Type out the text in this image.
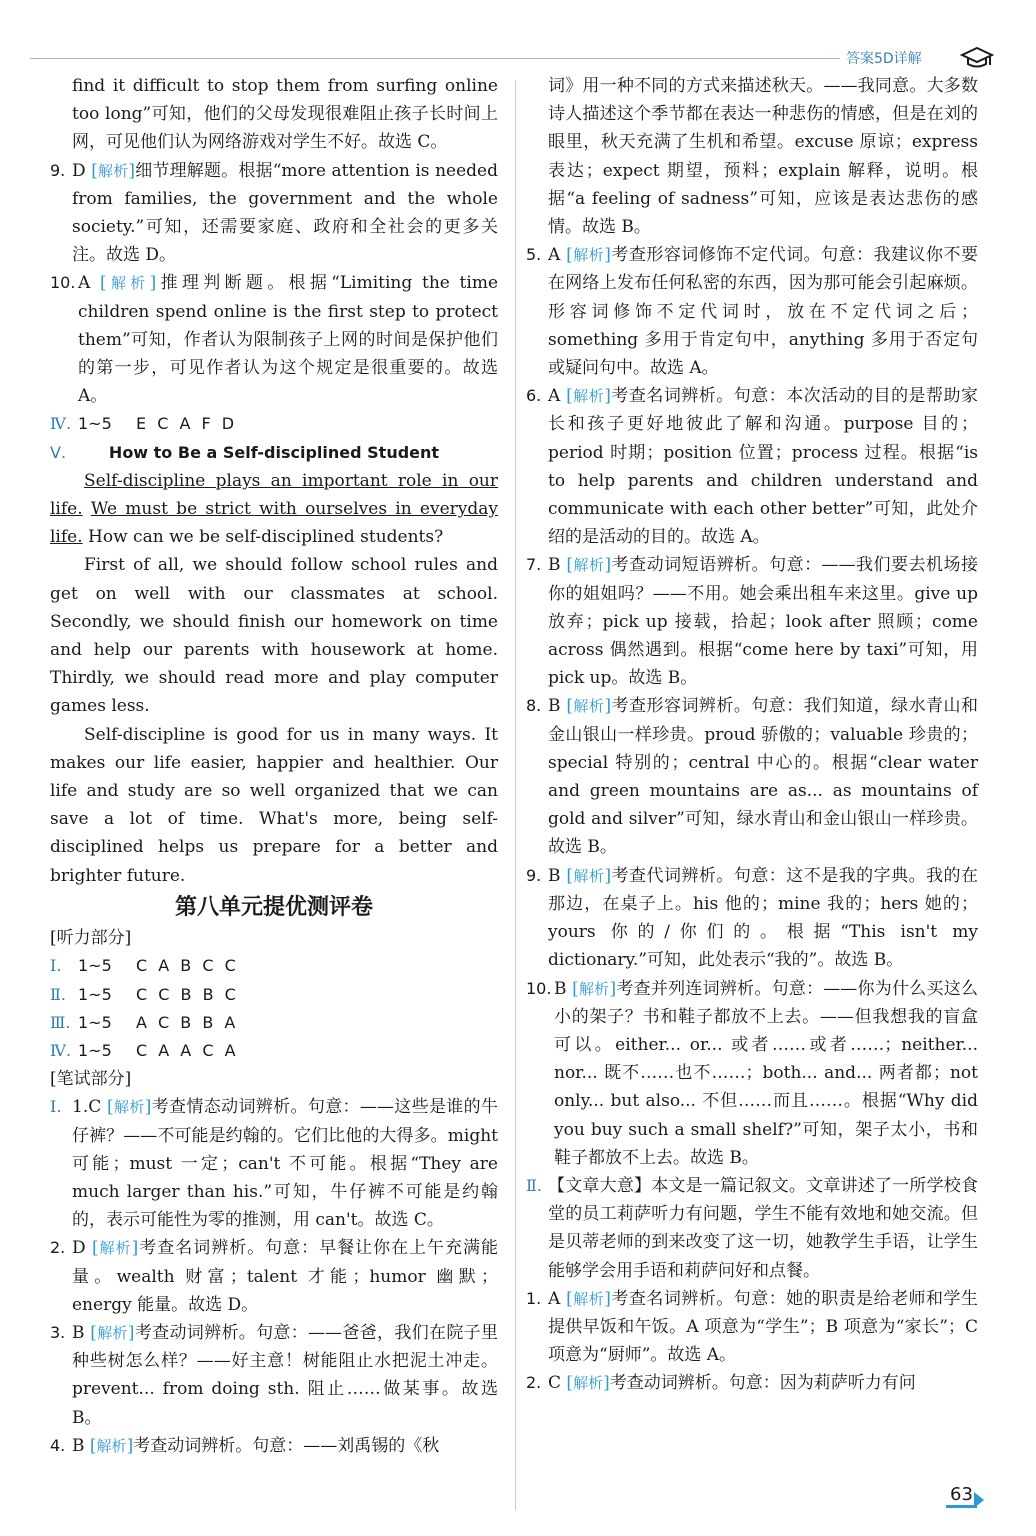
答案5D详解
find it difficult to stop them from surfing online too long”可知，他们的父母发现很难阻止孩子长时间上网，可见他们认为网络游戏对学生不好。故选 C。
9. D [解析]细节理解题。根据“more attention is needed from families, the government and the whole society.”可知，还需要家庭、政府和全社会的更多关注。故选 D。
10. A [解析]推理判断题。根据“Limiting the time children spend online is the first step to protect them”可知，作者认为限制孩子上网的时间是保护他们的第一步，可见作者认为这个规定是很重要的。故选 A。
Ⅳ. 1~5 E C A F D
Ⅴ.	How to Be a Self-disciplined Student
Self-discipline plays an important role in our life. We must be strict with ourselves in everyday life. How can we be self-disciplined students?
First of all, we should follow school rules and get on well with our classmates at school. Secondly, we should finish our homework on time and help our parents with housework at home. Thirdly, we should read more and play computer games less.
Self-discipline is good for us in many ways. It makes our life easier, happier and healthier. Our life and study are so well organized that we can save a lot of time. What's more, being self-disciplined helps us prepare for a better and brighter future.
第八单元提优测评卷
[听力部分]
Ⅰ. 1~5 C A B C C
Ⅱ. 1~5 C C B B C
Ⅲ. 1~5 A C B B A
Ⅳ. 1~5 C A A C A
[笔试部分]
Ⅰ. 1.C [解析]考查情态动词辨析。句意：——这些是谁的牛仔裤？——不可能是约翰的。它们比他的大得多。might 可能；must 一定；can't 不可能。根据“They are much larger than his.”可知，牛仔裤不可能是约翰的，表示可能性为零的推测，用 can't。故选 C。
2. D [解析]考查名词辨析。句意：早餐让你在上午充满能量。wealth 财富；talent 才能；humor 幽默；energy 能量。故选 D。
3. B [解析]考查动词辨析。句意：——爸爸，我们在院子里种些树怎么样？——好主意！树能阻止水把泥土冲走。prevent... from doing sth. 阻止……做某事。故选 B。
4. B [解析]考查动词辨析。句意：——刘禹锡的《秋
词》用一种不同的方式来描述秋天。——我同意。大多数诗人描述这个季节都在表达一种悲伤的情感，但是在刘的眼里，秋天充满了生机和希望。excuse 原谅；express 表达；expect 期望，预料；explain 解释，说明。根据“a feeling of sadness”可知，应该是表达悲伤的感情。故选 B。
5. A [解析]考查形容词修饰不定代词。句意：我建议你不要在网络上发布任何私密的东西，因为那可能会引起麻烦。形容词修饰不定代词时，放在不定代词之后；something 多用于肯定句中，anything 多用于否定句或疑问句中。故选 A。
6. A [解析]考查名词辨析。句意：本次活动的目的是帮助家长和孩子更好地彼此了解和沟通。purpose 目的；period 时期；position 位置；process 过程。根据“is to help parents and children understand and communicate with each other better”可知，此处介绍的是活动的目的。故选 A。
7. B [解析]考查动词短语辨析。句意：——我们要去机场接你的姐姐吗？——不用。她会乘出租车来这里。give up 放弃；pick up 接载，拾起；look after 照顾；come across 偶然遇到。根据“come here by taxi”可知，用 pick up。故选 B。
8. B [解析]考查形容词辨析。句意：我们知道，绿水青山和金山银山一样珍贵。proud 骄傲的；valuable 珍贵的；special 特别的；central 中心的。根据“clear water and green mountains are as... as mountains of gold and silver”可知，绿水青山和金山银山一样珍贵。故选 B。
9. B [解析]考查代词辨析。句意：这不是我的字典。我的在那边，在桌子上。his 他的；mine 我的；hers 她的；yours 你的/你们的。根据“This isn't my dictionary.”可知，此处表示“我的”。故选 B。
10. B [解析]考查并列连词辨析。句意：——你为什么买这么小的架子？书和鞋子都放不上去。——但我想我的盲盒可以。either... or... 或者……或者……；neither... nor... 既不……也不……；both... and... 两者都；not only... but also... 不但……而且……。根据“Why did you buy such a small shelf?”可知，架子太小，书和鞋子都放不上去。故选 B。
Ⅱ. 【文章大意】本文是一篇记叙文。文章讲述了一所学校食堂的员工莉萨听力有问题，学生不能有效地和她交流。但是贝蒂老师的到来改变了这一切，她教学生手语，让学生能够学会用手语和莉萨问好和点餐。
1. A [解析]考查名词辨析。句意：她的职责是给老师和学生提供早饭和午饭。A 项意为“学生”；B 项意为“家长”；C 项意为“厨师”。故选 A。
2. C [解析]考查动词辨析。句意：因为莉萨听力有问
63
